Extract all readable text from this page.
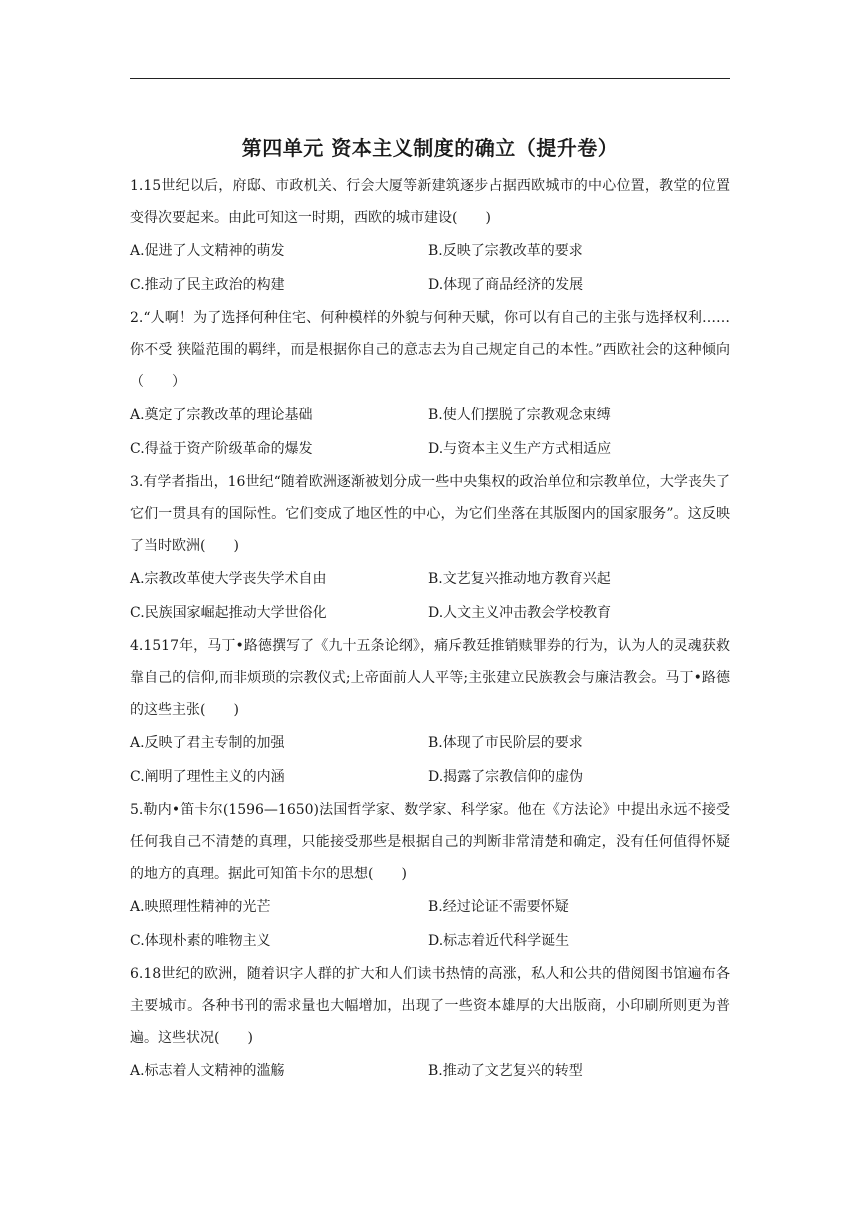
第四单元 资本主义制度的确立（提升卷）

1.15世纪以后，府邸、市政机关、行会大厦等新建筑逐步占据西欧城市的中心位置，教堂的位置变得次要起来。由此可知这一时期，西欧的城市建设(　　)

A.促进了人文精神的萌发	B.反映了宗教改革的要求
C.推动了民主政治的构建	D.体现了商品经济的发展

2.“人啊！为了选择何种住宅、何种模样的外貌与何种天赋，你可以有自己的主张与选择权利……你不受 狭隘范围的羁绊，而是根据你自己的意志去为自己规定自己的本性。”西欧社会的这种倾向 （　　）

A.奠定了宗教改革的理论基础	B.使人们摆脱了宗教观念束缚
C.得益于资产阶级革命的爆发	D.与资本主义生产方式相适应

3.有学者指出，16世纪“随着欧洲逐渐被划分成一些中央集权的政治单位和宗教单位，大学丧失了它们一贯具有的国际性。它们变成了地区性的中心，为它们坐落在其版图内的国家服务”。这反映了当时欧洲(　　)

A.宗教改革使大学丧失学术自由	B.文艺复兴推动地方教育兴起
C.民族国家崛起推动大学世俗化	D.人文主义冲击教会学校教育

4.1517年，马丁•路德撰写了《九十五条论纲》，痛斥教廷推销赎罪券的行为，认为人的灵魂获救靠自己的信仰,而非烦琐的宗教仪式;上帝面前人人平等;主张建立民族教会与廉洁教会。马丁•路德的这些主张(　　)

A.反映了君主专制的加强	B.体现了市民阶层的要求
C.阐明了理性主义的内涵	D.揭露了宗教信仰的虚伪

5.勒内•笛卡尔(1596—1650)法国哲学家、数学家、科学家。他在《方法论》中提出永远不接受任何我自己不清楚的真理，只能接受那些是根据自己的判断非常清楚和确定，没有任何值得怀疑的地方的真理。据此可知笛卡尔的思想(　　)

A.映照理性精神的光芒	B.经过论证不需要怀疑
C.体现朴素的唯物主义	D.标志着近代科学诞生

6.18世纪的欧洲，随着识字人群的扩大和人们读书热情的高涨，私人和公共的借阅图书馆遍布各主要城市。各种书刊的需求量也大幅增加，出现了一些资本雄厚的大出版商，小印刷所则更为普遍。这些状况(　　)

A.标志着人文精神的滥觞	B.推动了文艺复兴的转型
